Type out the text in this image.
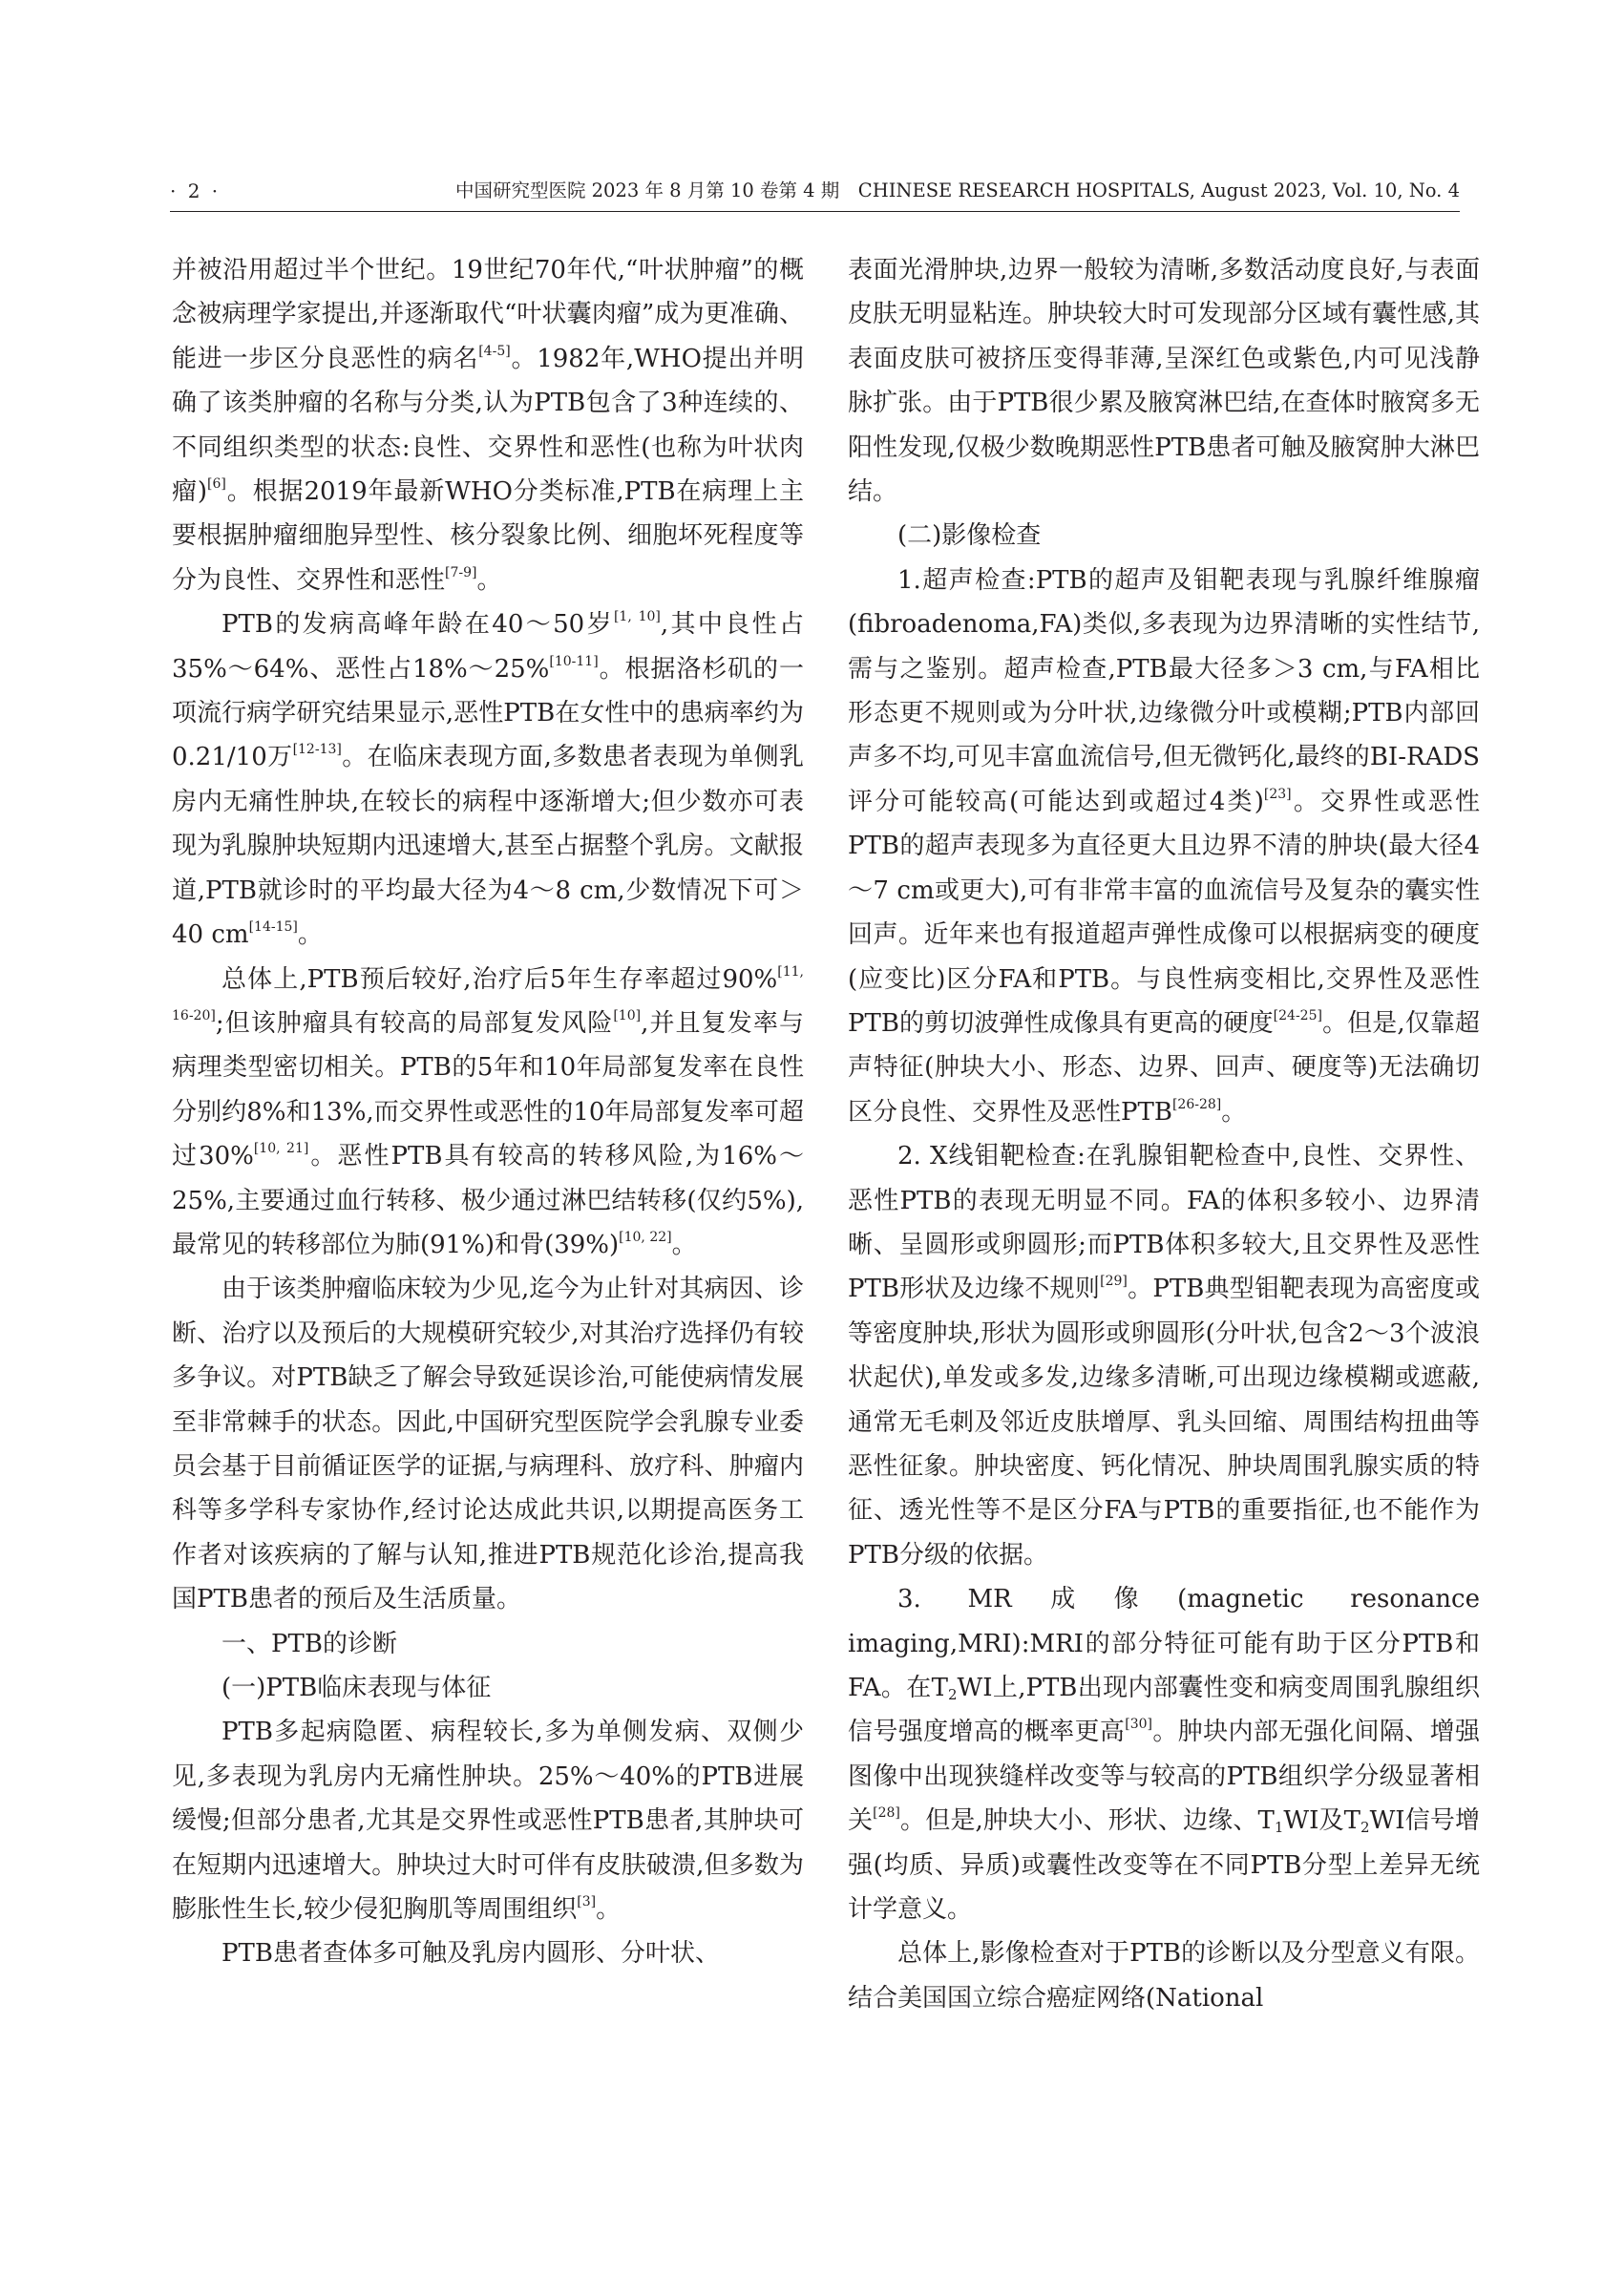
· 2 ·	中国研究型医院 2023 年 8 月第 10 卷第 4 期　CHINESE RESEARCH HOSPITALS, August 2023, Vol. 10, No. 4

并被沿用超过半个世纪。19世纪70年代,“叶状肿瘤”的概念被病理学家提出,并逐渐取代“叶状囊肉瘤”成为更准确、能进一步区分良恶性的病名[4-5]。1982年,WHO提出并明确了该类肿瘤的名称与分类,认为PTB包含了3种连续的、不同组织类型的状态:良性、交界性和恶性(也称为叶状肉瘤)[6]。根据2019年最新WHO分类标准,PTB在病理上主要根据肿瘤细胞异型性、核分裂象比例、细胞坏死程度等分为良性、交界性和恶性[7-9]。

PTB的发病高峰年龄在40～50岁[1, 10],其中良性占35%～64%、恶性占18%～25%[10-11]。根据洛杉矶的一项流行病学研究结果显示,恶性PTB在女性中的患病率约为0.21/10万[12-13]。在临床表现方面,多数患者表现为单侧乳房内无痛性肿块,在较长的病程中逐渐增大;但少数亦可表现为乳腺肿块短期内迅速增大,甚至占据整个乳房。文献报道,PTB就诊时的平均最大径为4～8 cm,少数情况下可＞40 cm[14-15]。

总体上,PTB预后较好,治疗后5年生存率超过90%[11, 16-20];但该肿瘤具有较高的局部复发风险[10],并且复发率与病理类型密切相关。PTB的5年和10年局部复发率在良性分别约8%和13%,而交界性或恶性的10年局部复发率可超过30%[10, 21]。恶性PTB具有较高的转移风险,为16%～25%,主要通过血行转移、极少通过淋巴结转移(仅约5%),最常见的转移部位为肺(91%)和骨(39%)[10, 22]。

由于该类肿瘤临床较为少见,迄今为止针对其病因、诊断、治疗以及预后的大规模研究较少,对其治疗选择仍有较多争议。对PTB缺乏了解会导致延误诊治,可能使病情发展至非常棘手的状态。因此,中国研究型医院学会乳腺专业委员会基于目前循证医学的证据,与病理科、放疗科、肿瘤内科等多学科专家协作,经讨论达成此共识,以期提高医务工作者对该疾病的了解与认知,推进PTB规范化诊治,提高我国PTB患者的预后及生活质量。

一、PTB的诊断

(一)PTB临床表现与体征

PTB多起病隐匿、病程较长,多为单侧发病、双侧少见,多表现为乳房内无痛性肿块。25%～40%的PTB进展缓慢;但部分患者,尤其是交界性或恶性PTB患者,其肿块可在短期内迅速增大。肿块过大时可伴有皮肤破溃,但多数为膨胀性生长,较少侵犯胸肌等周围组织[3]。

PTB患者查体多可触及乳房内圆形、分叶状、

表面光滑肿块,边界一般较为清晰,多数活动度良好,与表面皮肤无明显粘连。肿块较大时可发现部分区域有囊性感,其表面皮肤可被挤压变得菲薄,呈深红色或紫色,内可见浅静脉扩张。由于PTB很少累及腋窝淋巴结,在查体时腋窝多无阳性发现,仅极少数晚期恶性PTB患者可触及腋窝肿大淋巴结。

(二)影像检查

1.超声检查:PTB的超声及钼靶表现与乳腺纤维腺瘤(fibroadenoma,FA)类似,多表现为边界清晰的实性结节,需与之鉴别。超声检查,PTB最大径多＞3 cm,与FA相比形态更不规则或为分叶状,边缘微分叶或模糊;PTB内部回声多不均,可见丰富血流信号,但无微钙化,最终的BI-RADS评分可能较高(可能达到或超过4类)[23]。交界性或恶性PTB的超声表现多为直径更大且边界不清的肿块(最大径4～7 cm或更大),可有非常丰富的血流信号及复杂的囊实性回声。近年来也有报道超声弹性成像可以根据病变的硬度(应变比)区分FA和PTB。与良性病变相比,交界性及恶性PTB的剪切波弹性成像具有更高的硬度[24-25]。但是,仅靠超声特征(肿块大小、形态、边界、回声、硬度等)无法确切区分良性、交界性及恶性PTB[26-28]。

2. X线钼靶检查:在乳腺钼靶检查中,良性、交界性、恶性PTB的表现无明显不同。FA的体积多较小、边界清晰、呈圆形或卵圆形;而PTB体积多较大,且交界性及恶性PTB形状及边缘不规则[29]。PTB典型钼靶表现为高密度或等密度肿块,形状为圆形或卵圆形(分叶状,包含2～3个波浪状起伏),单发或多发,边缘多清晰,可出现边缘模糊或遮蔽,通常无毛刺及邻近皮肤增厚、乳头回缩、周围结构扭曲等恶性征象。肿块密度、钙化情况、肿块周围乳腺实质的特征、透光性等不是区分FA与PTB的重要指征,也不能作为PTB分级的依据。

3. MR成像(magnetic resonance imaging,MRI):MRI的部分特征可能有助于区分PTB和FA。在$T_2WI$上,PTB出现内部囊性变和病变周围乳腺组织信号强度增高的概率更高[30]。肿块内部无强化间隔、增强图像中出现狭缝样改变等与较高的PTB组织学分级显著相关[28]。但是,肿块大小、形状、边缘、$T_1WI$及$T_2WI$信号增强(均质、异质)或囊性改变等在不同PTB分型上差异无统计学意义。

总体上,影像检查对于PTB的诊断以及分型意义有限。结合美国国立综合癌症网络(National
